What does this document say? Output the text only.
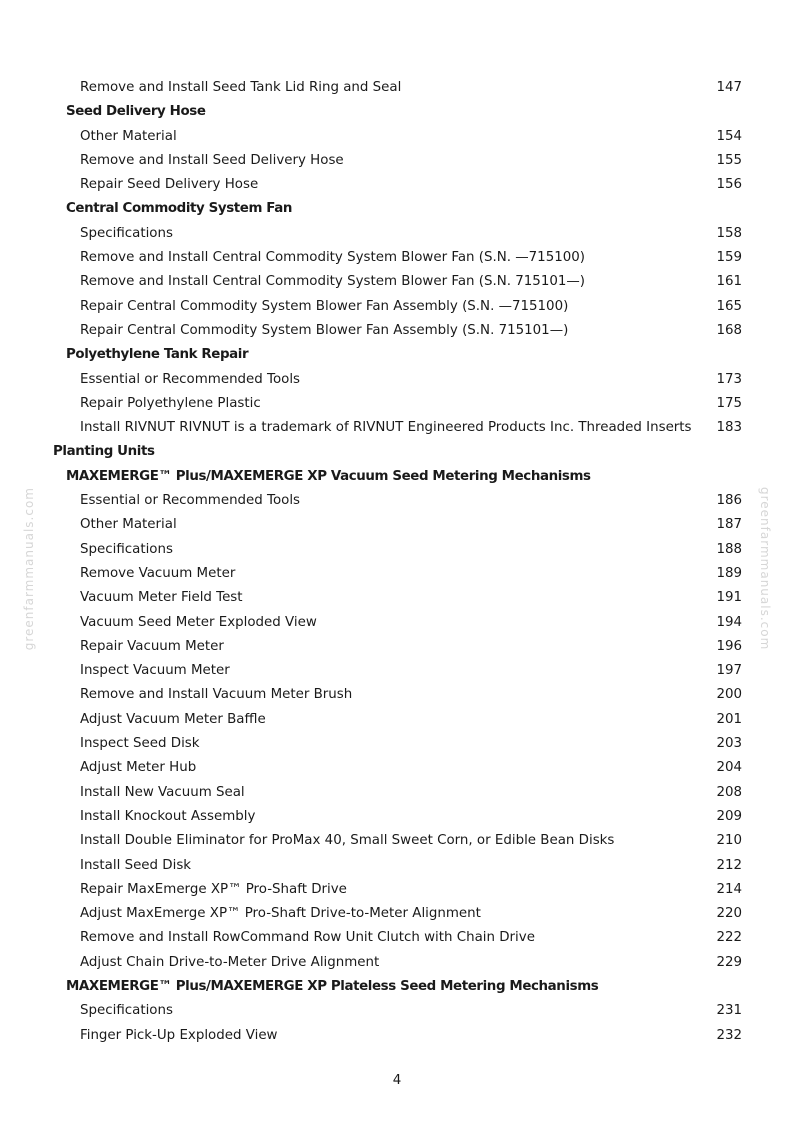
greenfarmmanuals.com	greenfarmmanuals.com
Remove and Install Seed Tank Lid Ring and Seal	147
Seed Delivery Hose
Other Material	154
Remove and Install Seed Delivery Hose	155
Repair Seed Delivery Hose	156
Central Commodity System Fan
Specifications	158
Remove and Install Central Commodity System Blower Fan (S.N. —715100)	159
Remove and Install Central Commodity System Blower Fan (S.N. 715101—)	161
Repair Central Commodity System Blower Fan Assembly (S.N. —715100)	165
Repair Central Commodity System Blower Fan Assembly (S.N. 715101—)	168
Polyethylene Tank Repair
Essential or Recommended Tools	173
Repair Polyethylene Plastic	175
Install RIVNUT RIVNUT is a trademark of RIVNUT Engineered Products Inc. Threaded Inserts 183
Planting Units
MAXEMERGE™ Plus/MAXEMERGE XP Vacuum Seed Metering Mechanisms
Essential or Recommended Tools	186
Other Material	187
Specifications	188
Remove Vacuum Meter	189
Vacuum Meter Field Test	191
Vacuum Seed Meter Exploded View	194
Repair Vacuum Meter	196
Inspect Vacuum Meter	197
Remove and Install Vacuum Meter Brush	200
Adjust Vacuum Meter Baffle	201
Inspect Seed Disk	203
Adjust Meter Hub	204
Install New Vacuum Seal	208
Install Knockout Assembly	209
Install Double Eliminator for ProMax 40, Small Sweet Corn, or Edible Bean Disks	210
Install Seed Disk	212
Repair MaxEmerge XP™ Pro-Shaft Drive	214
Adjust MaxEmerge XP™ Pro-Shaft Drive-to-Meter Alignment	220
Remove and Install RowCommand Row Unit Clutch with Chain Drive	222
Adjust Chain Drive-to-Meter Drive Alignment	229
MAXEMERGE™ Plus/MAXEMERGE XP Plateless Seed Metering Mechanisms
Specifications	231
Finger Pick-Up Exploded View	232
4
